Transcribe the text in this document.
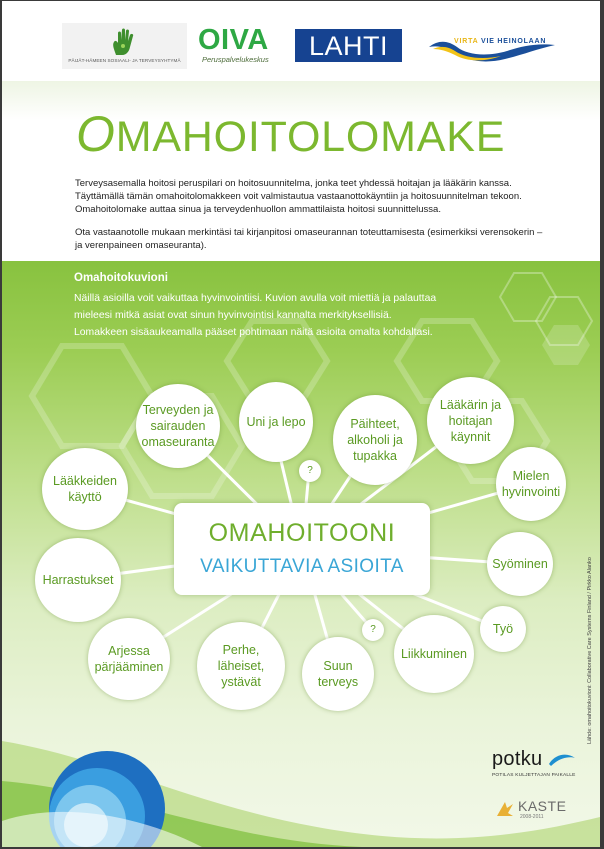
PÄIJÄT-HÄMEEN SOSIAALI- JA TERVEYSYHTYMÄ
OIVA
Peruspalvelukeskus	LAHTI	VIRTA VIE HEINOLAAN
OMAHOITOLOMAKE

Terveysasemalla hoitosi peruspilari on hoitosuunnitelma, jonka teet yhdessä hoitajan ja lääkärin kanssa. Täyttämällä tämän omahoitolomakkeen voit valmistautua vastaanottokäyntiin ja hoitosuunnitelman tekoon. Omahoitolomake auttaa sinua ja terveydenhuollon ammattilaista hoitosi suunnittelussa.

Ota vastaanotolle mukaan merkintäsi tai kirjanpitosi omaseurannan toteuttamisesta (esimerkiksi verensokerin –ja verenpaineen omaseuranta).

Omahoitokuvioni
Näillä asioilla voit vaikuttaa hyvinvointiisi. Kuvion avulla voit miettiä ja palauttaa
mieleesi mitkä asiat ovat sinun hyvinvointisi kannalta merkityksellisiä.
Lomakkeen sisäaukeamalla pääset pohtimaan näitä asioita omalta kohdaltasi.
Terveyden ja
sairauden
omaseuranta
Uni ja lepo
?
Päihteet,
alkoholi ja
tupakka
Lääkärin ja
hoitajan
käynnit
Lääkkeiden
käyttö
Mielen
hyvinvointi
Harrastukset
Syöminen
Työ
Arjessa
pärjääminen
Perhe,
läheiset,
ystävät
Suun
terveys
?
Liikkuminen
OMAHOITOONI
VAIKUTTAVIA ASIOITA	Lähde: omahoitokuvioni: Collaborative Care Systems Finland / Pirkko Alanko
potku
POTILAS KULJETTAJAN PAIKALLE
KASTE
2008-2011
